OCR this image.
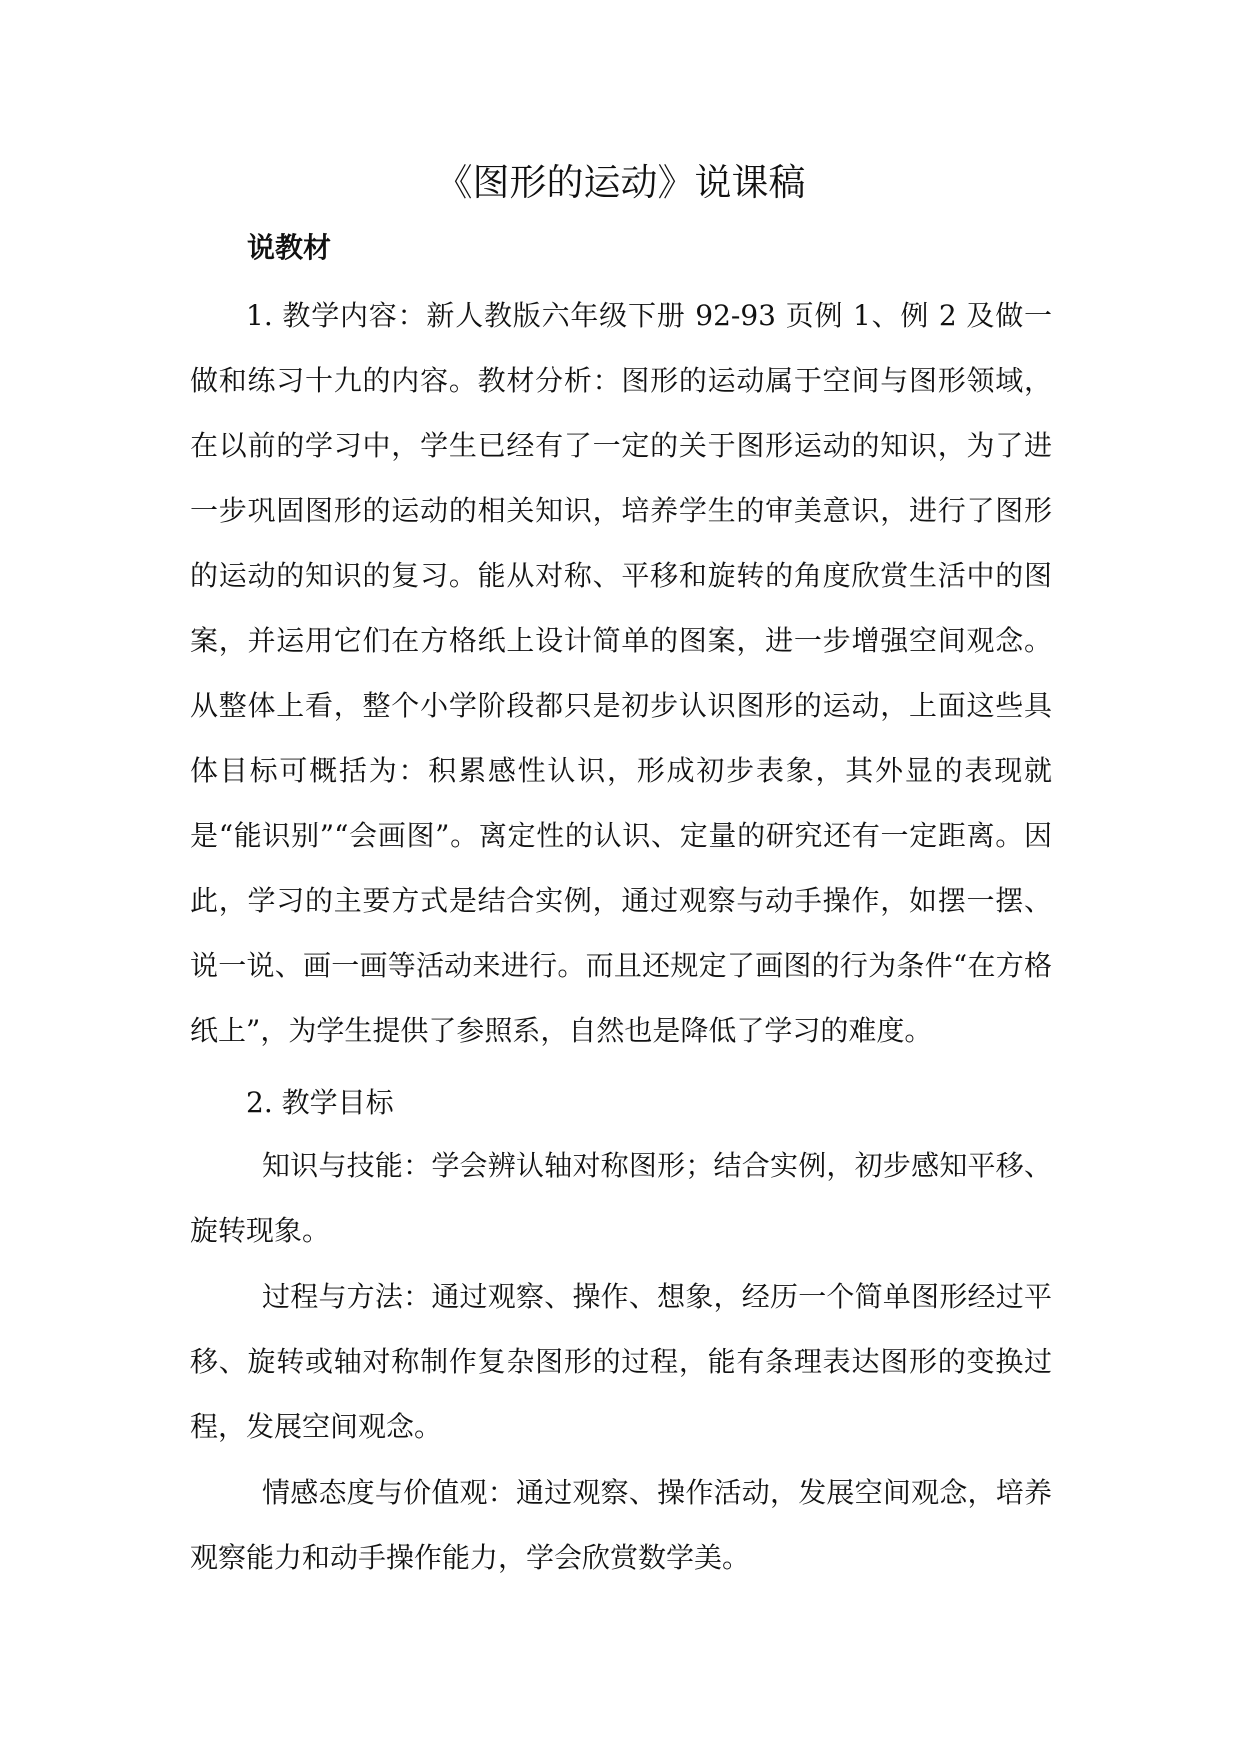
《图形的运动》说课稿
说教材

1. 教学内容：新人教版六年级下册 92-93 页例 1、例 2 及做一做和练习十九的内容。教材分析：图形的运动属于空间与图形领域，在以前的学习中，学生已经有了一定的关于图形运动的知识，为了进一步巩固图形的运动的相关知识，培养学生的审美意识，进行了图形的运动的知识的复习。能从对称、平移和旋转的角度欣赏生活中的图案，并运用它们在方格纸上设计简单的图案，进一步增强空间观念。从整体上看，整个小学阶段都只是初步认识图形的运动，上面这些具体目标可概括为：积累感性认识，形成初步表象，其外显的表现就是“能识别”“会画图”。离定性的认识、定量的研究还有一定距离。因此，学习的主要方式是结合实例，通过观察与动手操作，如摆一摆、说一说、画一画等活动来进行。而且还规定了画图的行为条件“在方格纸上”，为学生提供了参照系，自然也是降低了学习的难度。

2. 教学目标

知识与技能：学会辨认轴对称图形；结合实例，初步感知平移、旋转现象。

过程与方法：通过观察、操作、想象，经历一个简单图形经过平移、旋转或轴对称制作复杂图形的过程，能有条理表达图形的变换过程，发展空间观念。

情感态度与价值观：通过观察、操作活动，发展空间观念，培养观察能力和动手操作能力，学会欣赏数学美。
